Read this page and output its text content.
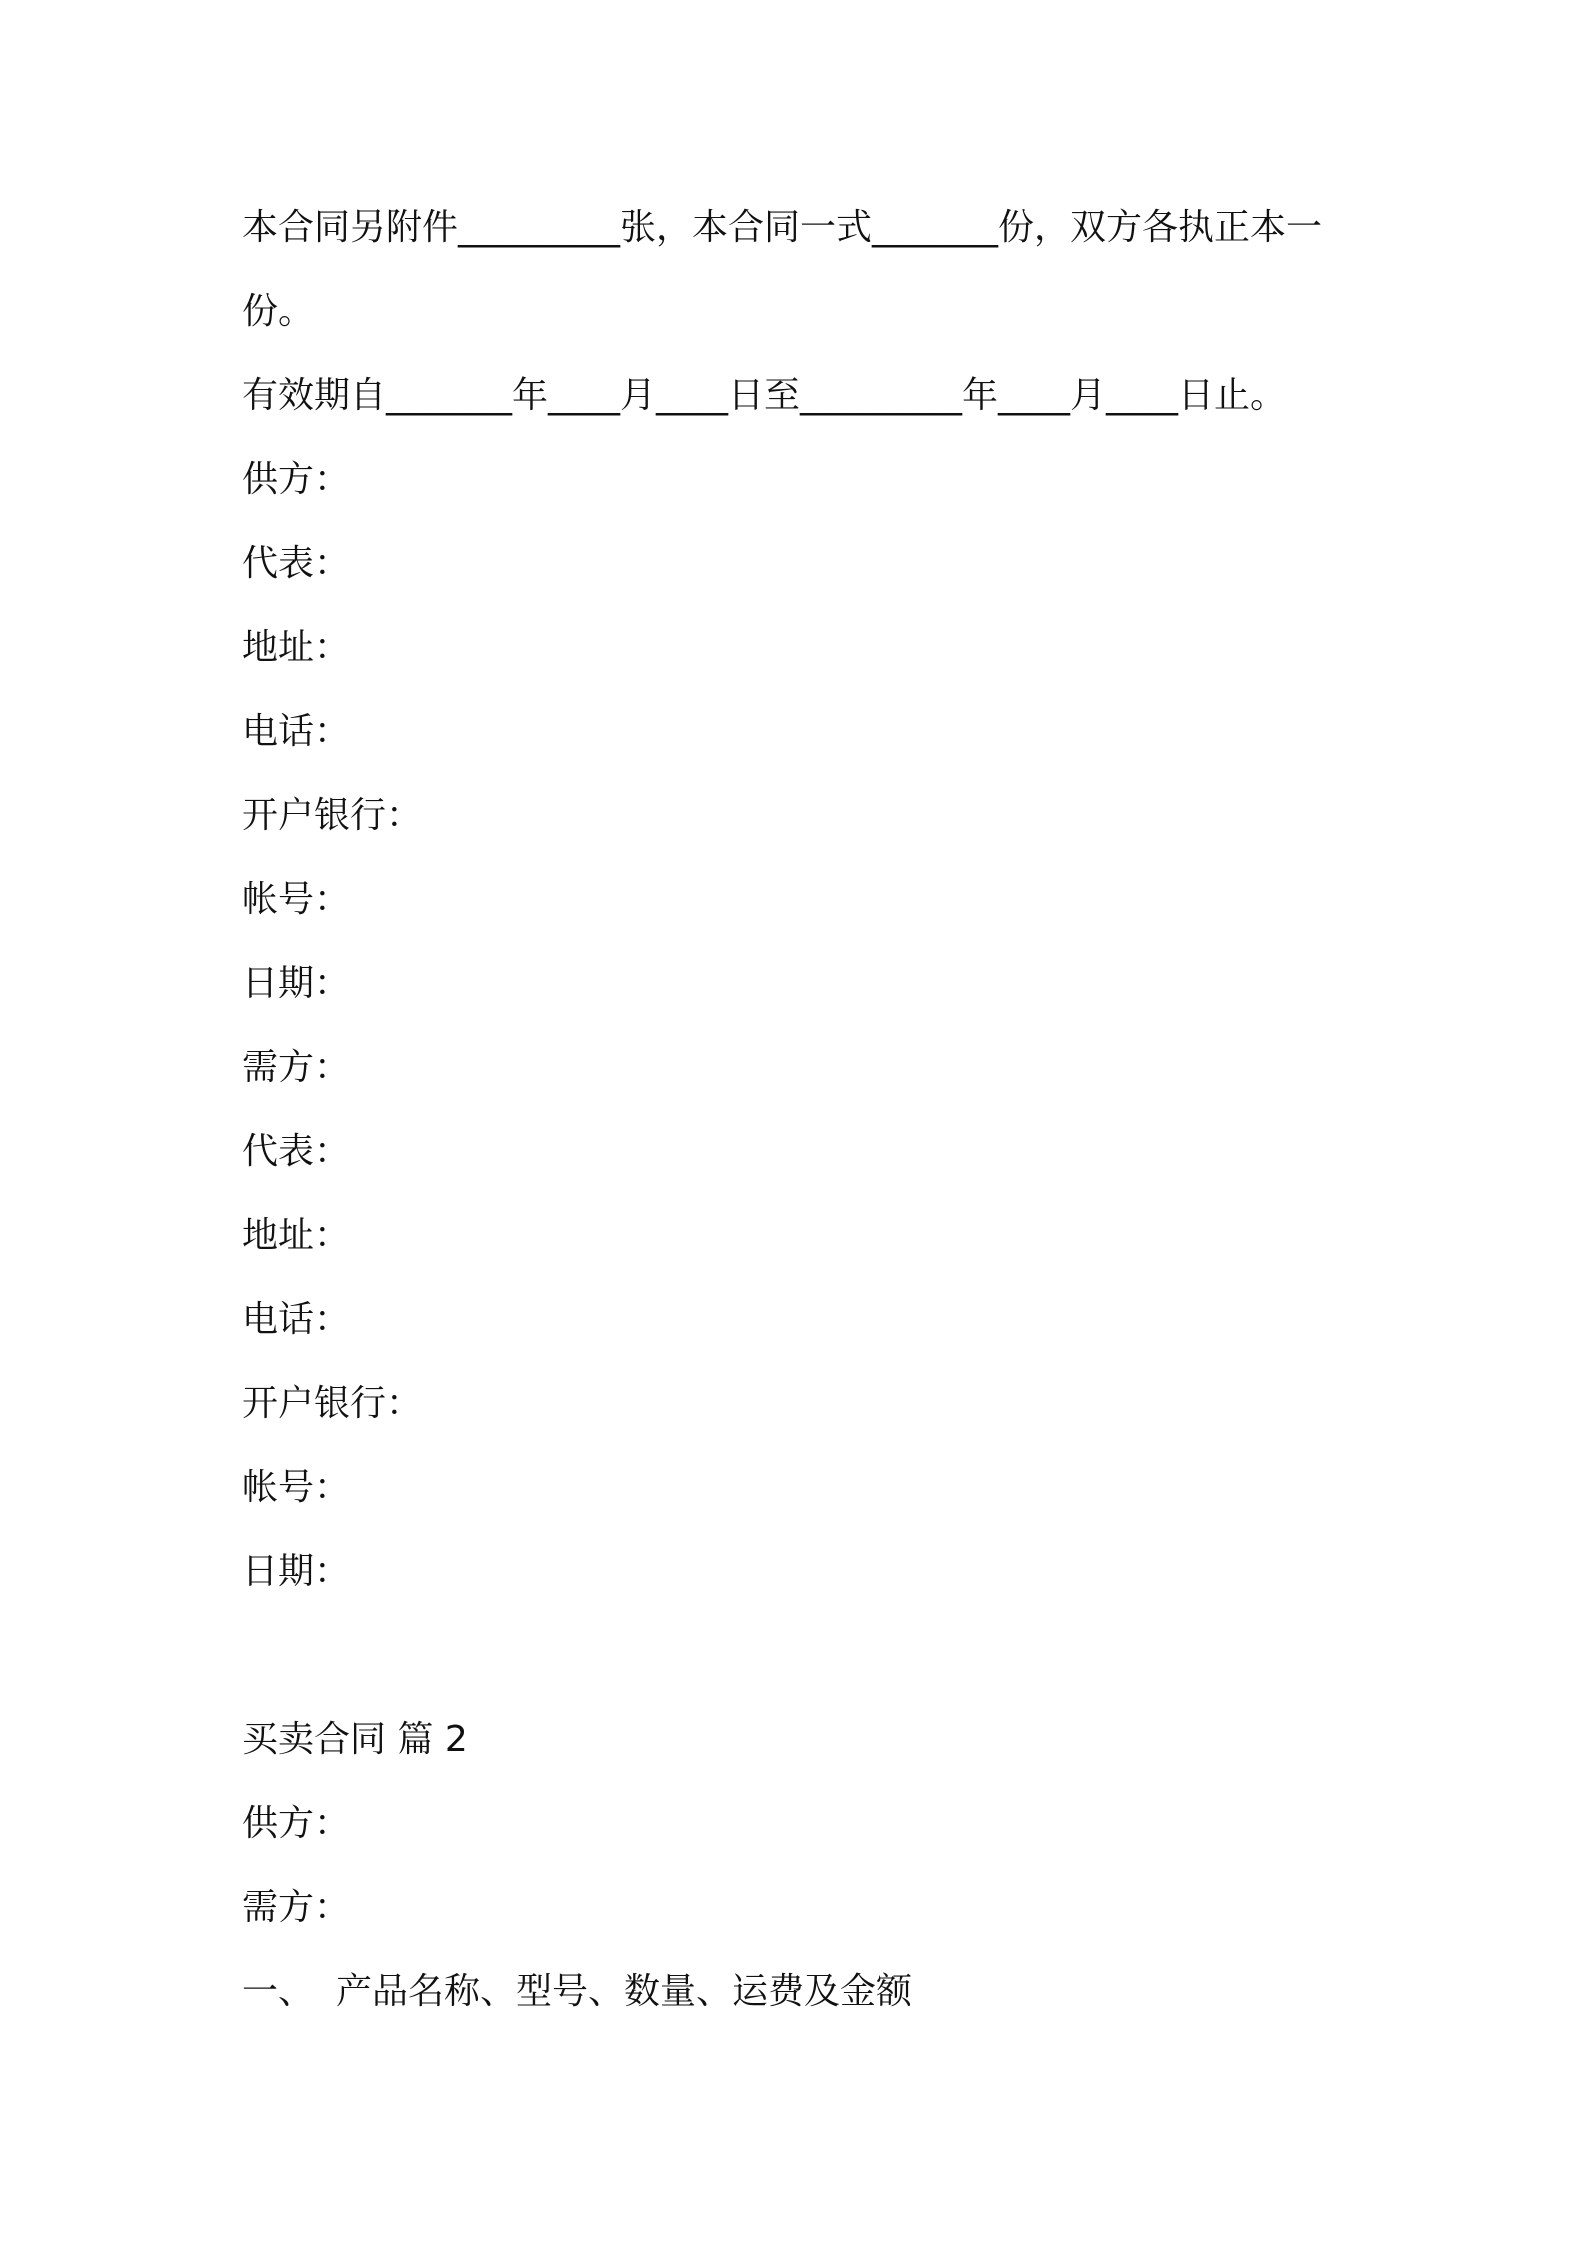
本合同另附件_________张，本合同一式_______份，双方各执正本一
份。
有效期自_______年____月____日至_________年____月____日止。
供方：
代表：
地址：
电话：
开户银行：
帐号：
日期：
需方：
代表：
地址：
电话：
开户银行：
帐号：
日期：
买卖合同 篇 2
供方：
需方：
一、 产品名称、型号、数量、运费及金额
